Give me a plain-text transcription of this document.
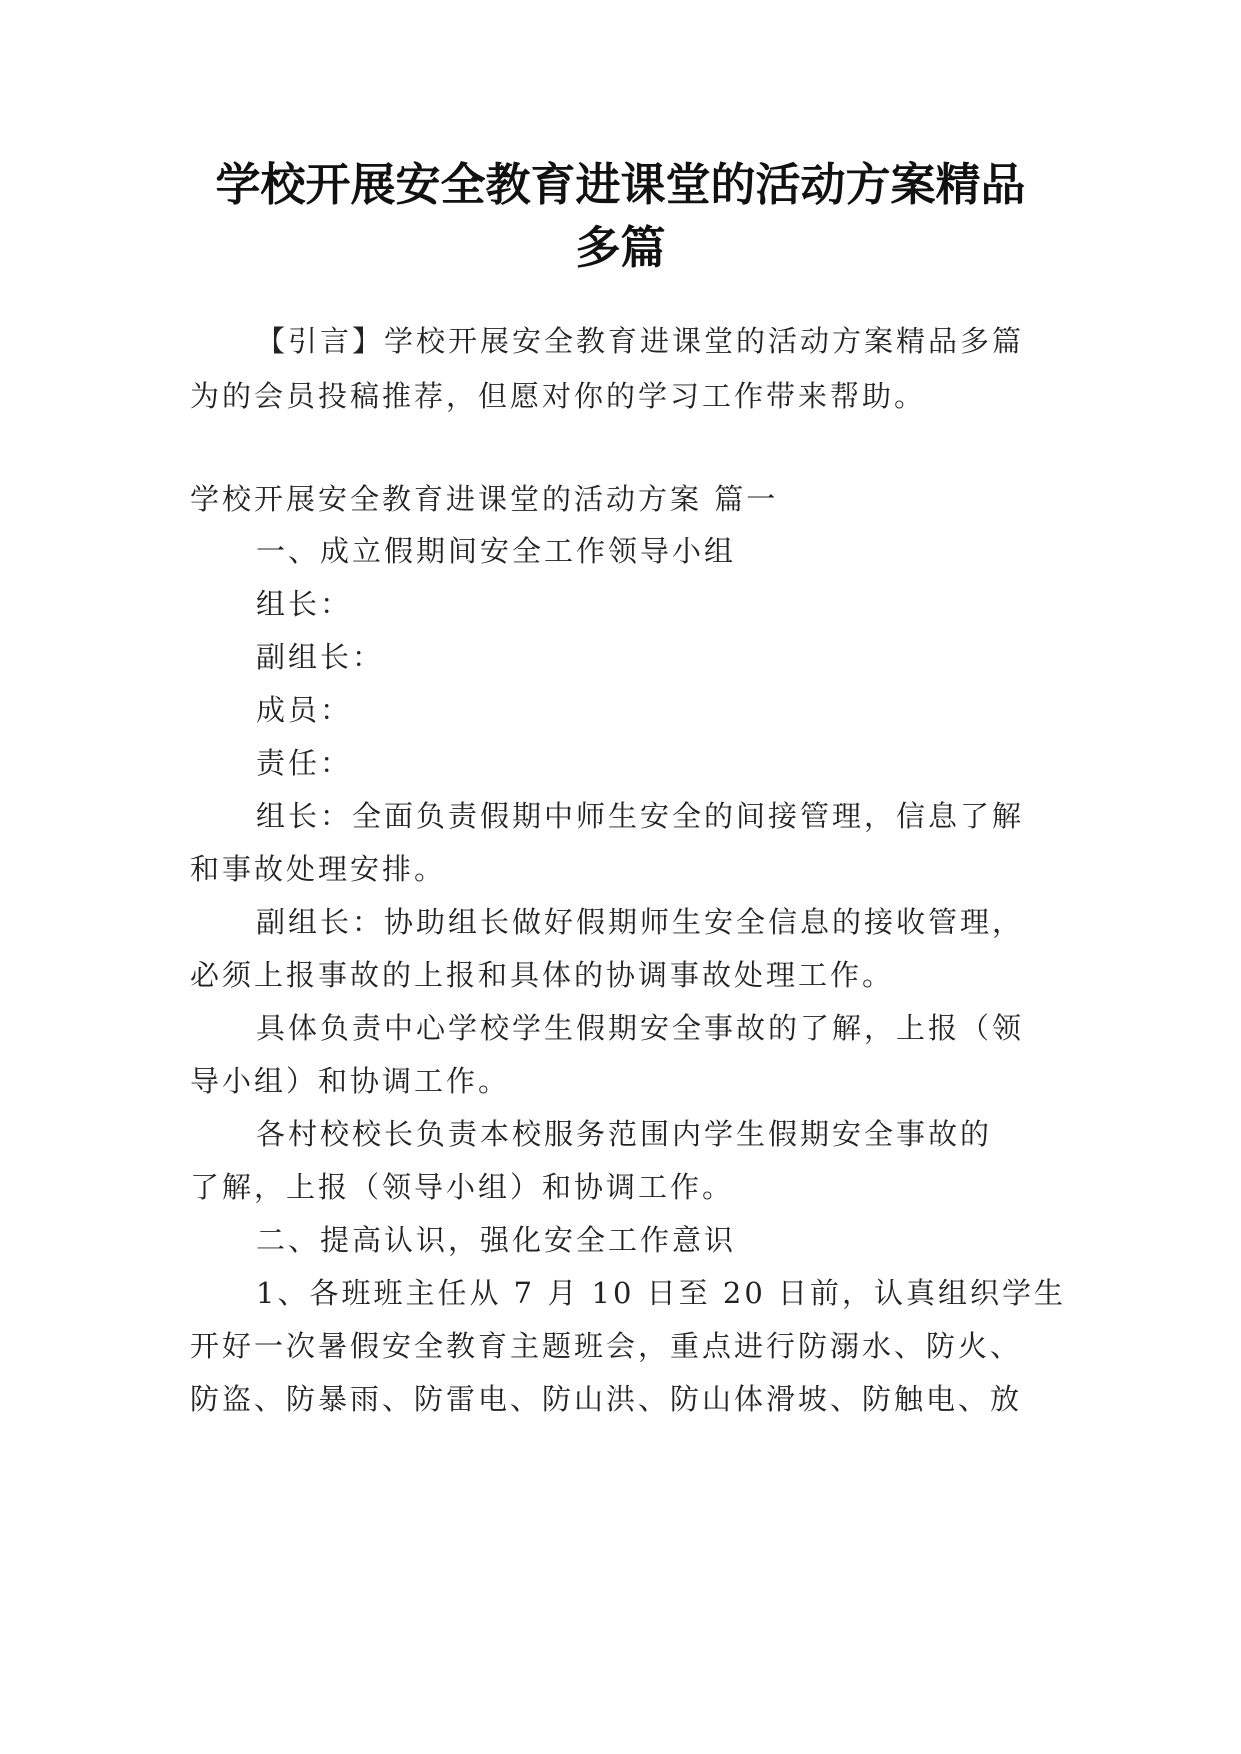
学校开展安全教育进课堂的活动方案精品
多篇

【引言】学校开展安全教育进课堂的活动方案精品多篇

为的会员投稿推荐，但愿对你的学习工作带来帮助。

学校开展安全教育进课堂的活动方案 篇一

一、成立假期间安全工作领导小组

组长：

副组长：

成员：

责任：

组长：全面负责假期中师生安全的间接管理，信息了解

和事故处理安排。

副组长：协助组长做好假期师生安全信息的接收管理，

必须上报事故的上报和具体的协调事故处理工作。

具体负责中心学校学生假期安全事故的了解，上报（领

导小组）和协调工作。

各村校校长负责本校服务范围内学生假期安全事故的

了解，上报（领导小组）和协调工作。

二、提高认识，强化安全工作意识

1、各班班主任从 7 月 10 日至 20 日前，认真组织学生

开好一次暑假安全教育主题班会，重点进行防溺水、防火、

防盗、防暴雨、防雷电、防山洪、防山体滑坡、防触电、放
